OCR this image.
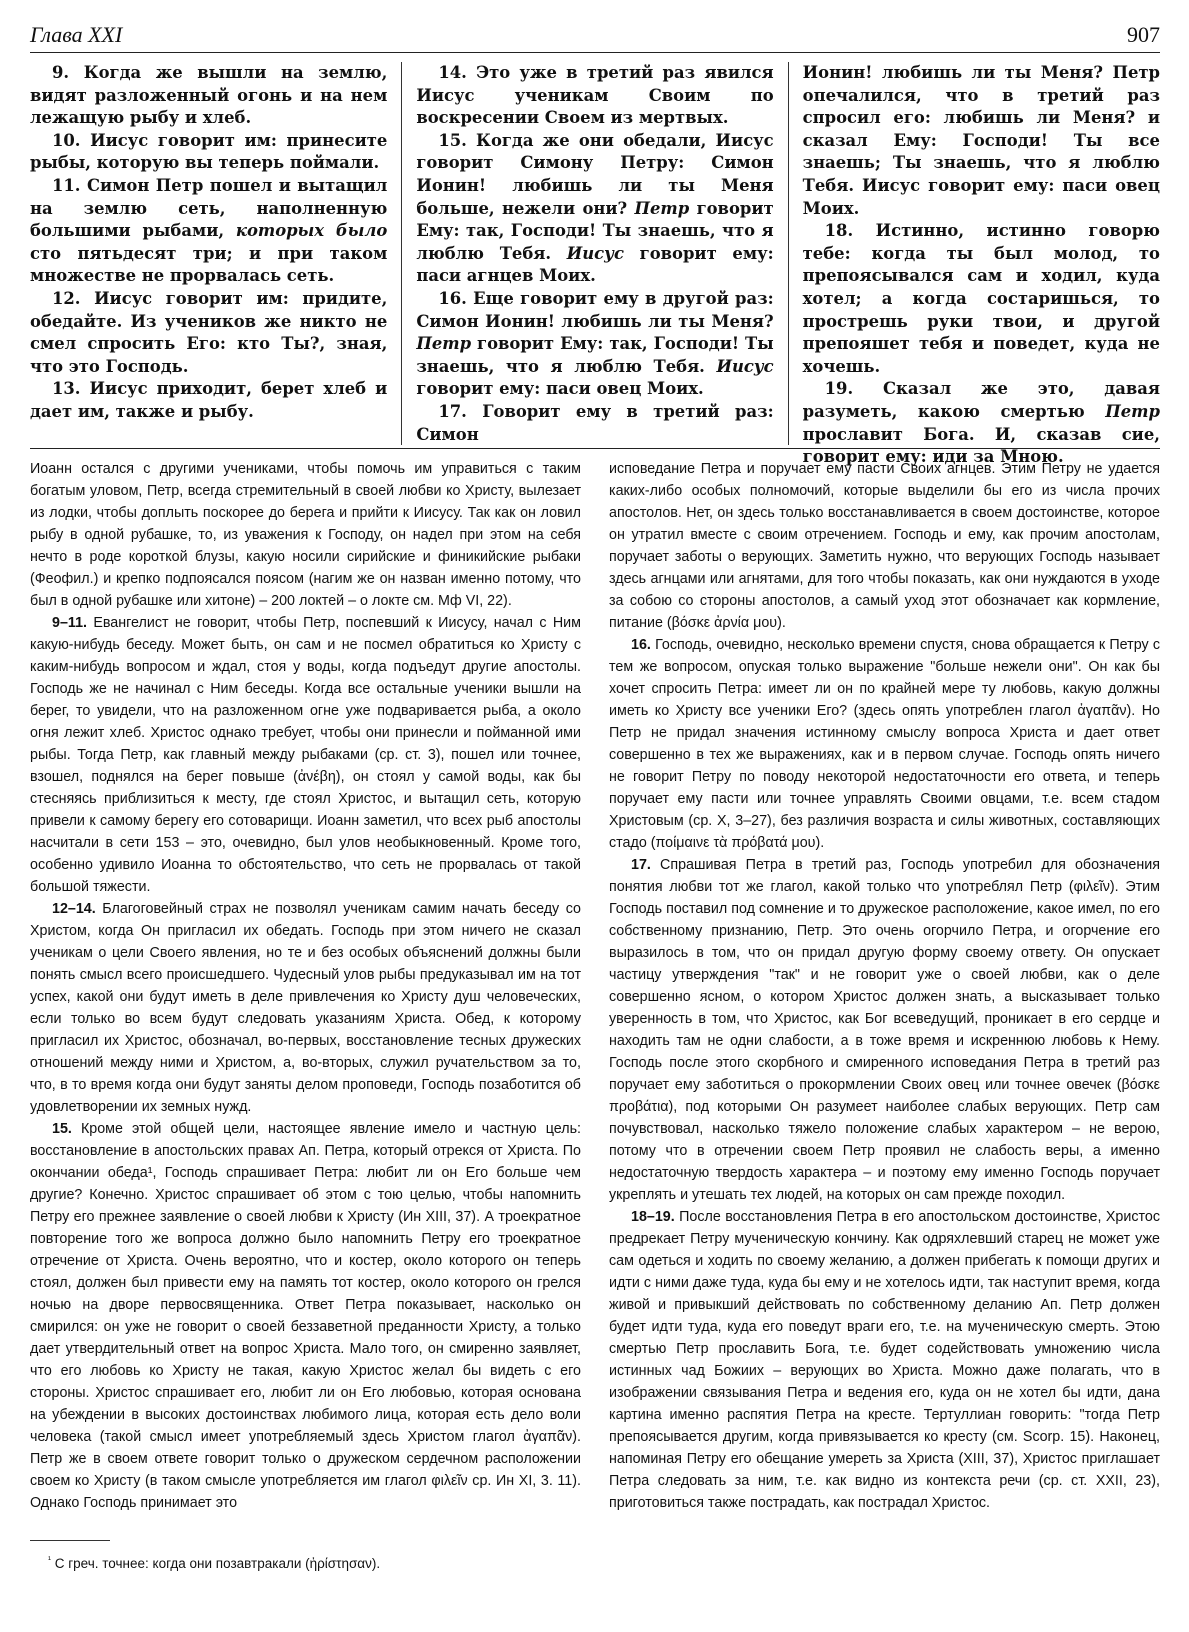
Глава XXI	907

9. Когда же вышли на землю, видят разложенный огонь и на нем лежащую рыбу и хлеб.

10. Иисус говорит им: принесите рыбы, которую вы теперь поймали.

11. Симон Петр пошел и вытащил на землю сеть, наполненную большими рыбами, которых было сто пятьдесят три; и при таком множестве не прорвалась сеть.

12. Иисус говорит им: придите, обедайте. Из учеников же никто не смел спросить Его: кто Ты?, зная, что это Господь.

13. Иисус приходит, берет хлеб и дает им, также и рыбу.

14. Это уже в третий раз явился Иисус ученикам Своим по воскресении Своем из мертвых.

15. Когда же они обедали, Иисус говорит Симону Петру: Симон Ионин! любишь ли ты Меня больше, нежели они? Петр говорит Ему: так, Господи! Ты знаешь, что я люблю Тебя. Иисус говорит ему: паси агнцев Моих.

16. Еще говорит ему в другой раз: Симон Ионин! любишь ли ты Меня? Петр говорит Ему: так, Господи! Ты знаешь, что я люблю Тебя. Иисус говорит ему: паси овец Моих.

17. Говорит ему в третий раз: Симон

Ионин! любишь ли ты Меня? Петр опечалился, что в третий раз спросил его: любишь ли Меня? и сказал Ему: Господи! Ты все знаешь; Ты знаешь, что я люблю Тебя. Иисус говорит ему: паси овец Моих.

18. Истинно, истинно говорю тебе: когда ты был молод, то препоясывался сам и ходил, куда хотел; а когда состаришься, то прострешь руки твои, и другой препояшет тебя и поведет, куда не хочешь.

19. Сказал же это, давая разуметь, какою смертью Петр прославит Бога. И, сказав сие, говорит ему: иди за Мною.

Иоанн остался с другими учениками, чтобы помочь им управиться с таким богатым уловом, Петр, всегда стремительный в своей любви ко Христу, вылезает из лодки, чтобы доплыть поскорее до берега и прийти к Иисусу. Так как он ловил рыбу в одной рубашке, то, из уважения к Господу, он надел при этом на себя нечто в роде короткой блузы, какую носили сирийские и финикийские рыбаки (Феофил.) и крепко подпоясался поясом (нагим же он назван именно потому, что был в одной рубашке или хитоне) – 200 локтей – о локте см. Мф VI, 22).

9–11. Евангелист не говорит, чтобы Петр, поспевший к Иисусу, начал с Ним какую-нибудь беседу. Может быть, он сам и не посмел обратиться ко Христу с каким-нибудь вопросом и ждал, стоя у воды, когда подъедут другие апостолы. Господь же не начинал с Ним беседы. Когда все остальные ученики вышли на берег, то увидели, что на разложенном огне уже подваривается рыба, а около огня лежит хлеб. Христос однако требует, чтобы они принесли и пойманной ими рыбы. Тогда Петр, как главный между рыбаками (ср. ст. 3), пошел или точнее, взошел, поднялся на берег повыше (ἀνέβη), он стоял у самой воды, как бы стесняясь приблизиться к месту, где стоял Христос, и вытащил сеть, которую привели к самому берегу его сотоварищи. Иоанн заметил, что всех рыб апостолы насчитали в сети 153 – это, очевидно, был улов необыкновенный. Кроме того, особенно удивило Иоанна то обстоятельство, что сеть не прорвалась от такой большой тяжести.

12–14. Благоговейный страх не позволял ученикам самим начать беседу со Христом, когда Он пригласил их обедать. Господь при этом ничего не сказал ученикам о цели Своего явления, но те и без особых объяснений должны были понять смысл всего происшедшего. Чудесный улов рыбы предуказывал им на тот успех, какой они будут иметь в деле привлечения ко Христу душ человеческих, если только во всем будут следовать указаниям Христа. Обед, к которому пригласил их Христос, обозначал, во-первых, восстановление тесных дружеских отношений между ними и Христом, а, во-вторых, служил ручательством за то, что, в то время когда они будут заняты делом проповеди, Господь позаботится об удовлетворении их земных нужд.

15. Кроме этой общей цели, настоящее явление имело и частную цель: восстановление в апостольских правах Ап. Петра, который отрекся от Христа. По окончании обеда¹, Господь спрашивает Петра: любит ли он Его больше чем другие? Конечно. Христос спрашивает об этом с тою целью, чтобы напомнить Петру его прежнее заявление о своей любви к Христу (Ин XIII, 37). А троекратное повторение того же вопроса должно было напомнить Петру его троекратное отречение от Христа. Очень вероятно, что и костер, около которого он теперь стоял, должен был привести ему на память тот костер, около которого он грелся ночью на дворе первосвященника. Ответ Петра показывает, насколько он смирился: он уже не говорит о своей беззаветной преданности Христу, а только дает утвердительный ответ на вопрос Христа. Мало того, он смиренно заявляет, что его любовь ко Христу не такая, какую Христос желал бы видеть с его стороны. Христос спрашивает его, любит ли он Его любовью, которая основана на убеждении в высоких достоинствах любимого лица, которая есть дело воли человека (такой смысл имеет употребляемый здесь Христом глагол ἀγαπᾶν). Петр же в своем ответе говорит только о дружеском сердечном расположении своем ко Христу (в таком смысле употребляется им глагол φιλεῖν ср. Ин XI, 3. 11). Однако Господь принимает это

исповедание Петра и поручает ему пасти Своих агнцев. Этим Петру не удается каких-либо особых полномочий, которые выделили бы его из числа прочих апостолов. Нет, он здесь только восстанавливается в своем достоинстве, которое он утратил вместе с своим отречением. Господь и ему, как прочим апостолам, поручает заботы о верующих. Заметить нужно, что верующих Господь называет здесь агнцами или агнятами, для того чтобы показать, как они нуждаются в уходе за собою со стороны апостолов, а самый уход этот обозначает как кормление, питание (βόσκε ἀρνία μου).

16. Господь, очевидно, несколько времени спустя, снова обращается к Петру с тем же вопросом, опуская только выражение "больше нежели они". Он как бы хочет спросить Петра: имеет ли он по крайней мере ту любовь, какую должны иметь ко Христу все ученики Его? (здесь опять употреблен глагол ἀγαπᾶν). Но Петр не придал значения истинному смыслу вопроса Христа и дает ответ совершенно в тех же выражениях, как и в первом случае. Господь опять ничего не говорит Петру по поводу некоторой недостаточности его ответа, и теперь поручает ему пасти или точнее управлять Своими овцами, т.е. всем стадом Христовым (ср. X, 3–27), без различия возраста и силы животных, составляющих стадо (ποίμαινε τὰ πρόβατά μου).

17. Спрашивая Петра в третий раз, Господь употребил для обозначения понятия любви тот же глагол, какой только что употреблял Петр (φιλεῖν). Этим Господь поставил под сомнение и то дружеское расположение, какое имел, по его собственному признанию, Петр. Это очень огорчило Петра, и огорчение его выразилось в том, что он придал другую форму своему ответу. Он опускает частицу утверждения "так" и не говорит уже о своей любви, как о деле совершенно ясном, о котором Христос должен знать, а высказывает только уверенность в том, что Христос, как Бог всеведущий, проникает в его сердце и находить там не одни слабости, а в тоже время и искреннюю любовь к Нему. Господь после этого скорбного и смиренного исповедания Петра в третий раз поручает ему заботиться о прокормлении Своих овец или точнее овечек (βόσκε προβάτια), под которыми Он разумеет наиболее слабых верующих. Петр сам почувствовал, насколько тяжело положение слабых характером – не верою, потому что в отречении своем Петр проявил не слабость веры, а именно недостаточную твердость характера – и поэтому ему именно Господь поручает укреплять и утешать тех людей, на которых он сам прежде походил.

18–19. После восстановления Петра в его апостольском достоинстве, Христос предрекает Петру мученическую кончину. Как одряхлевший старец не может уже сам одеться и ходить по своему желанию, а должен прибегать к помощи других и идти с ними даже туда, куда бы ему и не хотелось идти, так наступит время, когда живой и привыкший действовать по собственному деланию Ап. Петр должен будет идти туда, куда его поведут враги его, т.е. на мученическую смерть. Этою смертью Петр прославить Бога, т.е. будет содействовать умножению числа истинных чад Божиих – верующих во Христа. Можно даже полагать, что в изображении связывания Петра и ведения его, куда он не хотел бы идти, дана картина именно распятия Петра на кресте. Тертуллиан говорить: "тогда Петр препоясывается другим, когда привязывается ко кресту (см. Scorp. 15). Наконец, напоминая Петру его обещание умереть за Христа (XIII, 37), Христос приглашает Петра следовать за ним, т.е. как видно из контекста речи (ср. ст. XXII, 23), приготовиться также пострадать, как пострадал Христос.

$^{^1}$ С греч. точнее: когда они позавтракали (ἠρίστησαν).
